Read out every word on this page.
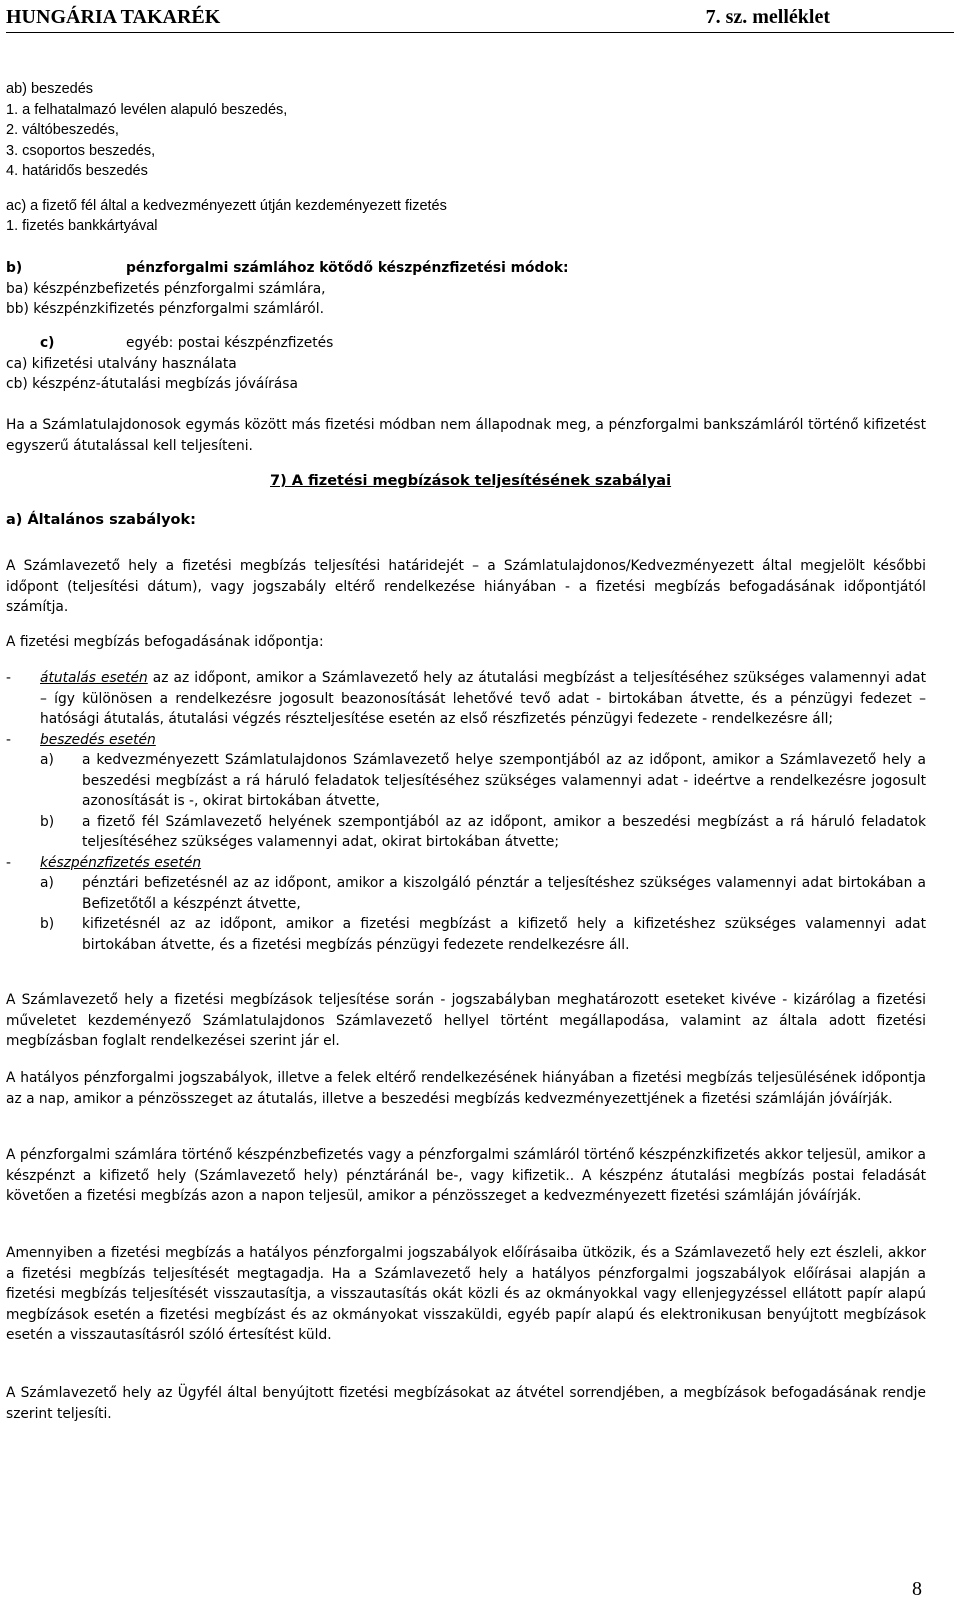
HUNGÁRIA TAKARÉK	7. sz. melléklet
ab) beszedés
1. a felhatalmazó levélen alapuló beszedés,
2. váltóbeszedés,
3. csoportos beszedés,
4. határidős beszedés
ac) a fizető fél által a kedvezményezett útján kezdeményezett fizetés
1. fizetés bankkártyával
b)	pénzforgalmi számlához kötődő készpénzfizetési módok:
ba) készpénzbefizetés pénzforgalmi számlára,
bb) készpénzkifizetés pénzforgalmi számláról.
c)	egyéb: postai készpénzfizetés
ca) kifizetési utalvány használata
cb) készpénz-átutalási megbízás jóváírása
Ha a Számlatulajdonosok egymás között más fizetési módban nem állapodnak meg, a pénzforgalmi bankszámláról történő kifizetést egyszerű átutalással kell teljesíteni.
7) A fizetési megbízások teljesítésének szabályai
a) Általános szabályok:
A Számlavezető hely a fizetési megbízás teljesítési határidejét – a Számlatulajdonos/Kedvezményezett által megjelölt későbbi időpont (teljesítési dátum), vagy jogszabály eltérő rendelkezése hiányában - a fizetési megbízás befogadásának időpontjától számítja.
A fizetési megbízás befogadásának időpontja:
- átutalás esetén az az időpont, amikor a Számlavezető hely az átutalási megbízást a teljesítéséhez szükséges valamennyi adat – így különösen a rendelkezésre jogosult beazonosítását lehetővé tevő adat - birtokában átvette, és a pénzügyi fedezet – hatósági átutalás, átutalási végzés részteljesítése esetén az első részfizetés pénzügyi fedezete - rendelkezésre áll;
- beszedés esetén
a) a kedvezményezett Számlatulajdonos Számlavezető helye szempontjából az az időpont, amikor a Számlavezető hely a beszedési megbízást a rá háruló feladatok teljesítéséhez szükséges valamennyi adat - ideértve a rendelkezésre jogosult azonosítását is -, okirat birtokában átvette,
b) a fizető fél Számlavezető helyének szempontjából az az időpont, amikor a beszedési megbízást a rá háruló feladatok teljesítéséhez szükséges valamennyi adat, okirat birtokában átvette;
- készpénzfizetés esetén
a) pénztári befizetésnél az az időpont, amikor a kiszolgáló pénztár a teljesítéshez szükséges valamennyi adat birtokában a Befizetőtől a készpénzt átvette,
b) kifizetésnél az az időpont, amikor a fizetési megbízást a kifizető hely a kifizetéshez szükséges valamennyi adat birtokában átvette, és a fizetési megbízás pénzügyi fedezete rendelkezésre áll.
A Számlavezető hely a fizetési megbízások teljesítése során - jogszabályban meghatározott eseteket kivéve - kizárólag a fizetési műveletet kezdeményező Számlatulajdonos Számlavezető hellyel történt megállapodása, valamint az általa adott fizetési megbízásban foglalt rendelkezései szerint jár el.
A hatályos pénzforgalmi jogszabályok, illetve a felek eltérő rendelkezésének hiányában a fizetési megbízás teljesülésének időpontja az a nap, amikor a pénzösszeget az átutalás, illetve a beszedési megbízás kedvezményezettjének a fizetési számláján jóváírják.
A pénzforgalmi számlára történő készpénzbefizetés vagy a pénzforgalmi számláról történő készpénzkifizetés akkor teljesül, amikor a készpénzt a kifizető hely (Számlavezető hely) pénztáránál be-, vagy kifizetik.. A készpénz átutalási megbízás postai feladását követően a fizetési megbízás azon a napon teljesül, amikor a pénzösszeget a kedvezményezett fizetési számláján jóváírják.
Amennyiben a fizetési megbízás a hatályos pénzforgalmi jogszabályok előírásaiba ütközik, és a Számlavezető hely ezt észleli, akkor a fizetési megbízás teljesítését megtagadja. Ha a Számlavezető hely a hatályos pénzforgalmi jogszabályok előírásai alapján a fizetési megbízás teljesítését visszautasítja, a visszautasítás okát közli és az okmányokkal vagy ellenjegyzéssel ellátott papír alapú megbízások esetén a fizetési megbízást és az okmányokat visszaküldi, egyéb papír alapú és elektronikusan benyújtott megbízások esetén a visszautasításról szóló értesítést küld.
A Számlavezető hely az Ügyfél által benyújtott fizetési megbízásokat az átvétel sorrendjében, a megbízások befogadásának rendje szerint teljesíti.
8
